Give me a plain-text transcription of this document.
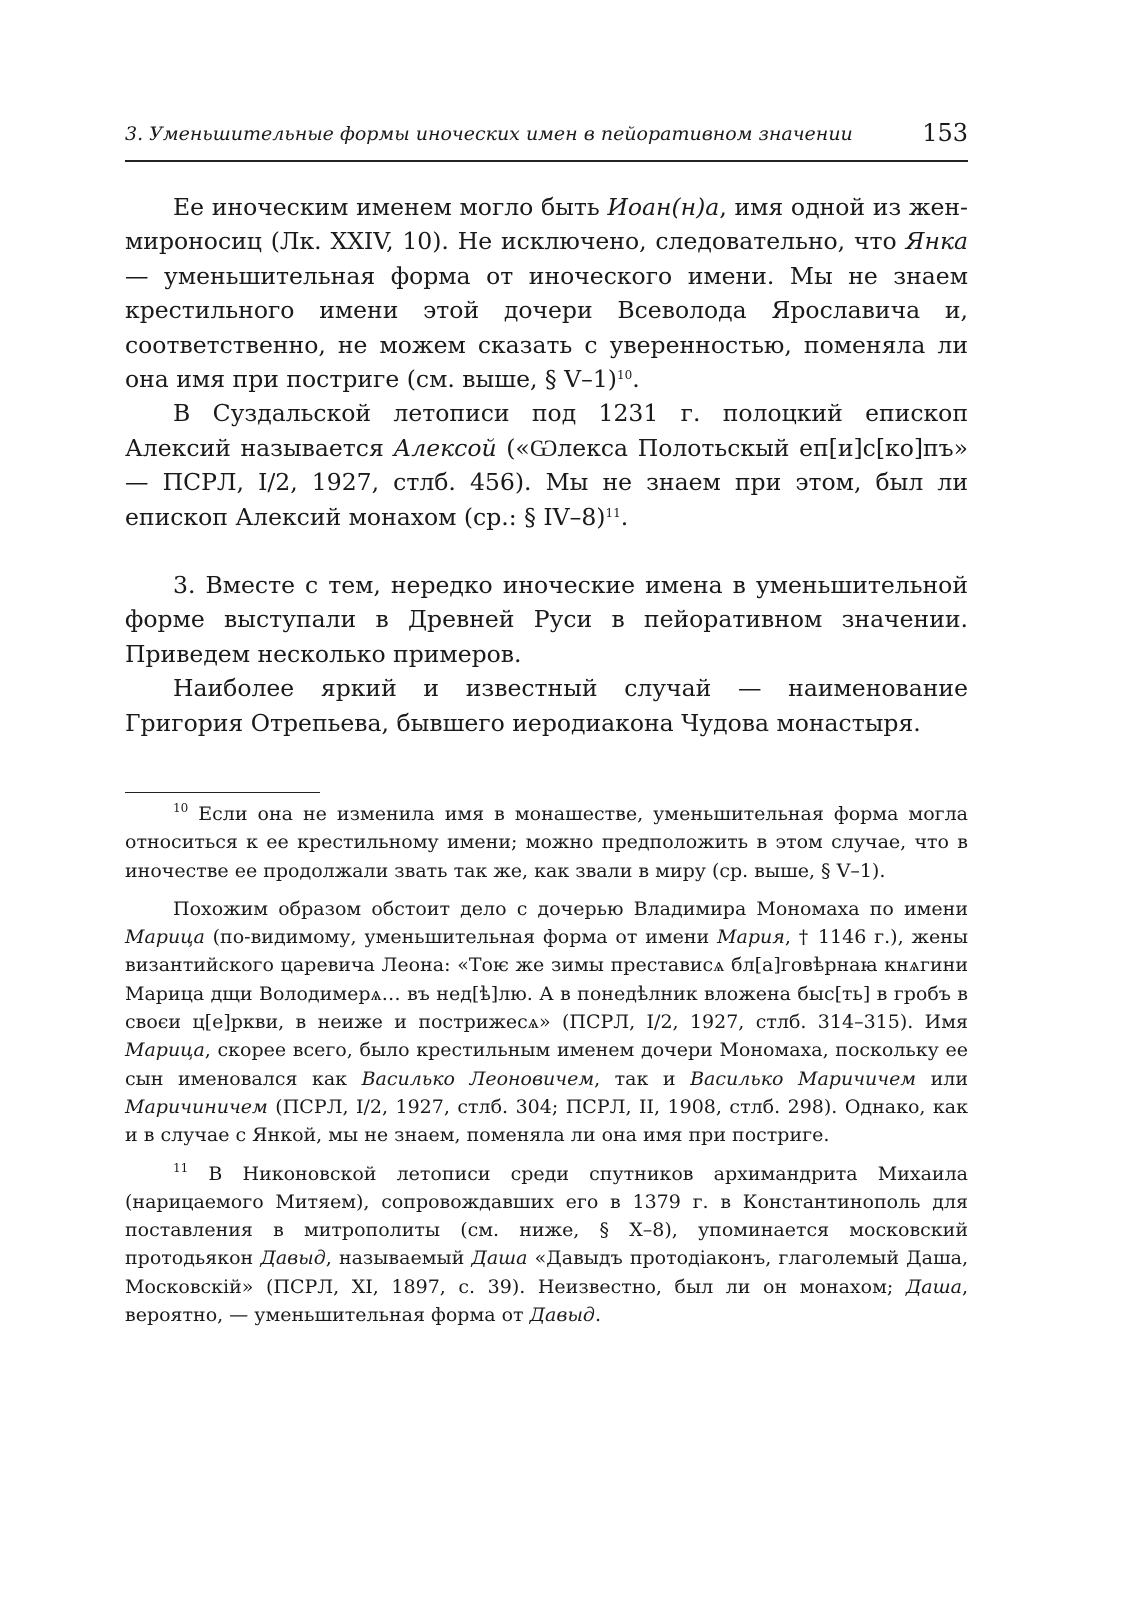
3. Уменьшительные формы иноческих имен в пейоративном значении	153

Ее иноческим именем могло быть Иоан(н)а, имя одной из жен-мироносиц (Лк. XXIV, 10). Не исключено, следовательно, что Янка — уменьшительная форма от иноческого имени. Мы не знаем крестильного имени этой дочери Всеволода Ярославича и, соответственно, не можем сказать с уверенностью, поменяла ли она имя при постриге (см. выше, § V–1)$^{10}$.

В Суздальской летописи под 1231 г. полоцкий епископ Алексий называется Алексой («Ѡлекса Полотьскый еп[и]с[ко]пъ» — ПСРЛ, I/2, 1927, стлб. 456). Мы не знаем при этом, был ли епископ Алексий монахом (ср.: § IV–8)$^{11}$.

3. Вместе с тем, нередко иноческие имена в уменьшительной форме выступали в Древней Руси в пейоративном значении. Приведем несколько примеров.

Наиболее яркий и известный случай — наименование Григория Отрепьева, бывшего иеродиакона Чудова монастыря.

$^{10}$ Если она не изменила имя в монашестве, уменьшительная форма могла относиться к ее крестильному имени; можно предположить в этом случае, что в иночестве ее продолжали звать так же, как звали в миру (ср. выше, § V–1).

Похожим образом обстоит дело с дочерью Владимира Мономаха по имени Марица (по-видимому, уменьшительная форма от имени Мария, † 1146 г.), жены византийского царевича Леона: «Тоѥ же зимы престависѧ бл[а]говѣрнаꙗ кнѧгини Марица дщи Володимерѧ… въ нед[ѣ]лю. А в понедѣлник вложена быс[ть] в гробъ в своєи ц[е]ркви, в неиже и пострижесѧ» (ПСРЛ, I/2, 1927, стлб. 314–315). Имя Марица, скорее всего, было крестильным именем дочери Мономаха, поскольку ее сын именовался как Василько Леоновичем, так и Василько Маричичем или Маричиничем (ПСРЛ, I/2, 1927, стлб. 304; ПСРЛ, II, 1908, стлб. 298). Однако, как и в случае с Янкой, мы не знаем, поменяла ли она имя при постриге.

$^{11}$ В Никоновской летописи среди спутников архимандрита Михаила (нарицаемого Митяем), сопровождавших его в 1379 г. в Константинополь для поставления в митрополиты (см. ниже, § X–8), упоминается московский протодьякон Давыд, называемый Даша «Давыдъ протодіаконъ, глаголемый Даша, Московскій» (ПСРЛ, XI, 1897, с. 39). Неизвестно, был ли он монахом; Даша, вероятно, — уменьшительная форма от Давыд.
